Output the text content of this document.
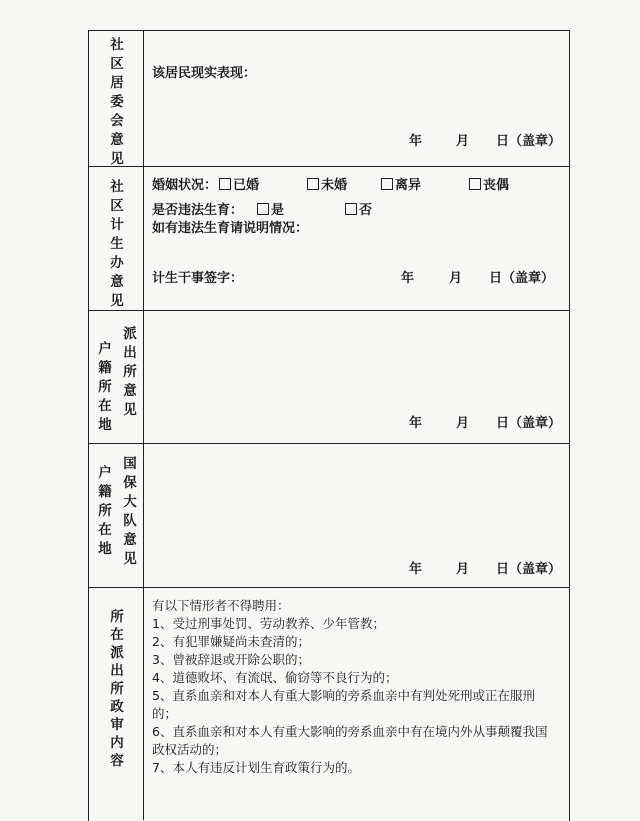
社区居委会意见
该居民现实表现：
年	月 日（盖章）
社区计生办意见
婚姻状况：	已婚	未婚	离异	丧偶
是否违法生育：	是	否
如有违法生育请说明情况：
计生干事签字：	年	月 日（盖章）
户籍所在地
派出所意见
年	月 日（盖章）
户籍所在地
国保大队意见
年	月 日（盖章）
所在派出所政审内容
有以下情形者不得聘用：
1、受过刑事处罚、劳动教养、少年管教；
2、有犯罪嫌疑尚未查清的；
3、曾被辞退或开除公职的；
4、道德败坏、有流氓、偷窃等不良行为的；
5、直系血亲和对本人有重大影响的旁系血亲中有判处死刑或正在服刑
的；
6、直系血亲和对本人有重大影响的旁系血亲中有在境内外从事颠覆我国
政权活动的；
7、本人有违反计划生育政策行为的。
